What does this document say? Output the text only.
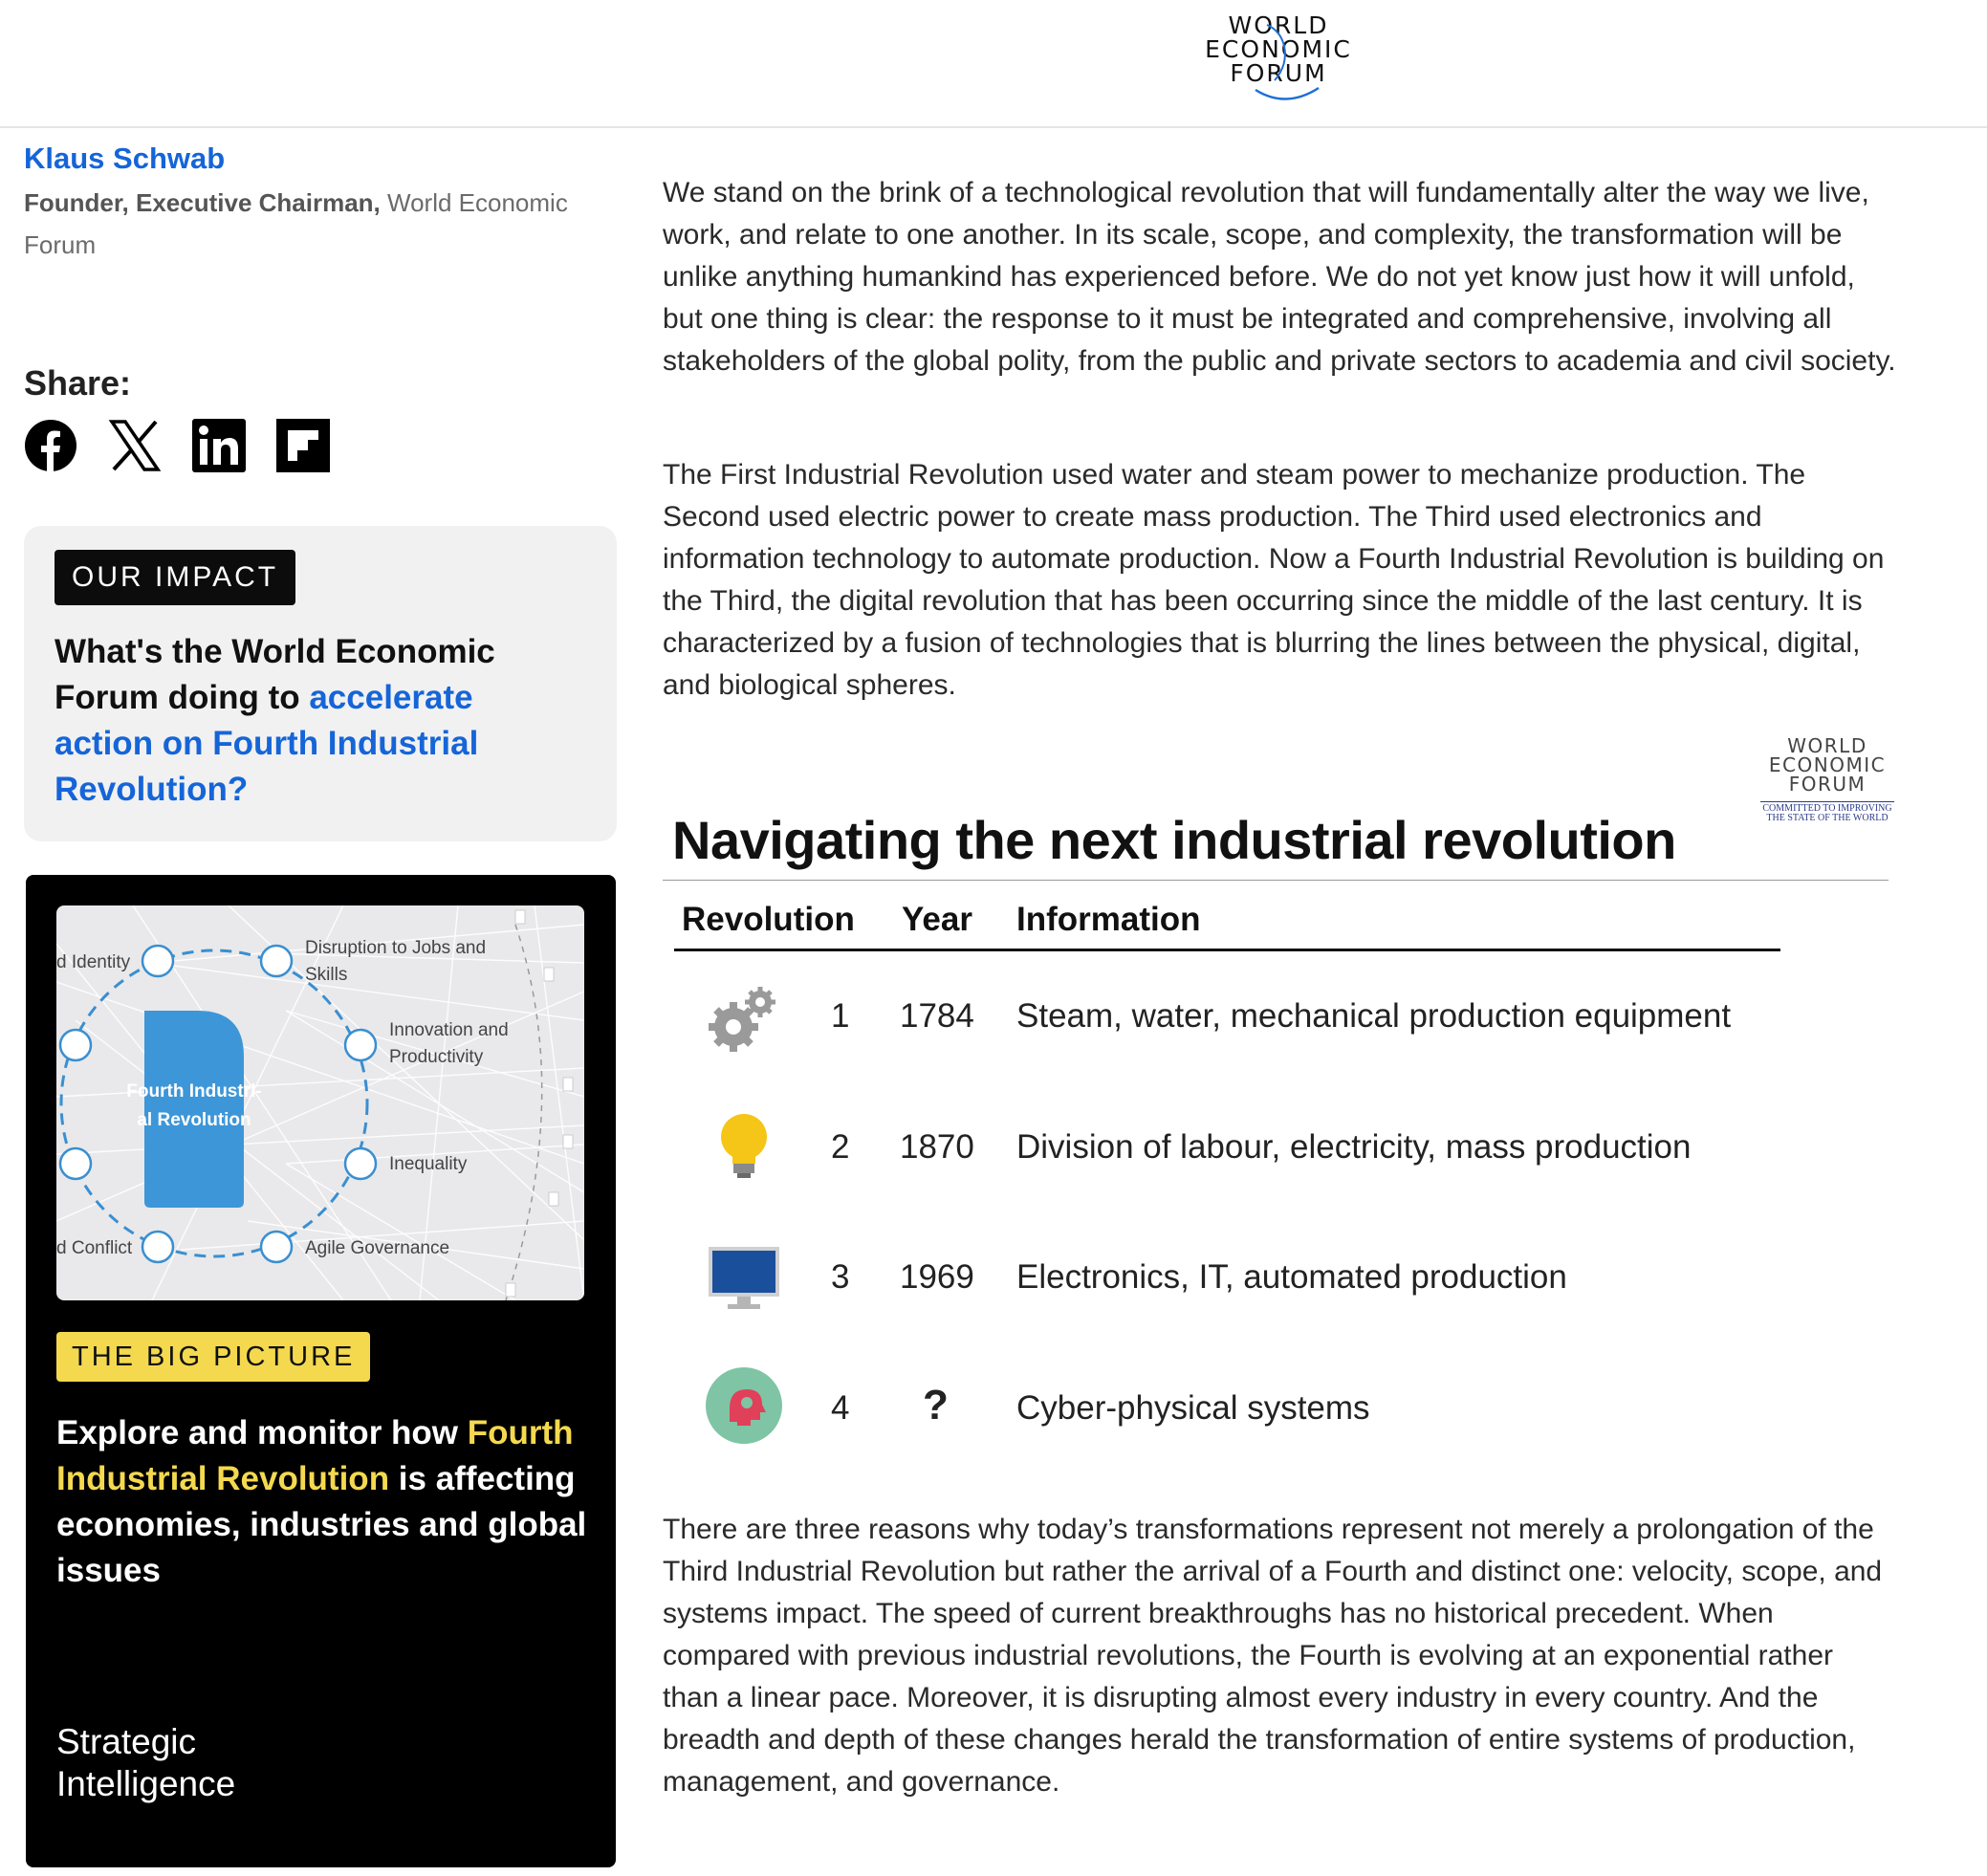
WORLD
ECONOMIC
FORUM
Klaus Schwab
Founder, Executive Chairman, World Economic Forum
Share:
OUR IMPACT
What's the World Economic Forum doing to accelerate action on Fourth Industrial Revolution?
Fourth Industri-
al Revolution
d Identity
Disruption to Jobs and
Skills
Innovation and
Productivity
Inequality
Agile Governance
d Conflict
THE BIG PICTURE
Explore and monitor how Fourth Industrial Revolution is affecting economies, industries and global issues
Strategic
Intelligence

We stand on the brink of a technological revolution that will fundamentally alter the way we live, work, and relate to one another. In its scale, scope, and complexity, the transformation will be unlike anything humankind has experienced before. We do not yet know just how it will unfold, but one thing is clear: the response to it must be integrated and comprehensive, involving all stakeholders of the global polity, from the public and private sectors to academia and civil society.

The First Industrial Revolution used water and steam power to mechanize production. The Second used electric power to create mass production. The Third used electronics and information technology to automate production. Now a Fourth Industrial Revolution is building on the Third, the digital revolution that has been occurring since the middle of the last century. It is characterized by a fusion of technologies that is blurring the lines between the physical, digital, and biological spheres.

WORLD
ECONOMIC
FORUM
COMMITTED TO IMPROVING THE STATE OF THE WORLD
Navigating the next industrial revolution
Revolution Year Information
1 1784 Steam, water, mechanical production equipment
2 1870 Division of labour, electricity, mass production
3 1969 Electronics, IT, automated production
4 ? Cyber-physical systems

There are three reasons why today’s transformations represent not merely a prolongation of the Third Industrial Revolution but rather the arrival of a Fourth and distinct one: velocity, scope, and systems impact. The speed of current breakthroughs has no historical precedent. When compared with previous industrial revolutions, the Fourth is evolving at an exponential rather than a linear pace. Moreover, it is disrupting almost every industry in every country. And the breadth and depth of these changes herald the transformation of entire systems of production, management, and governance.
